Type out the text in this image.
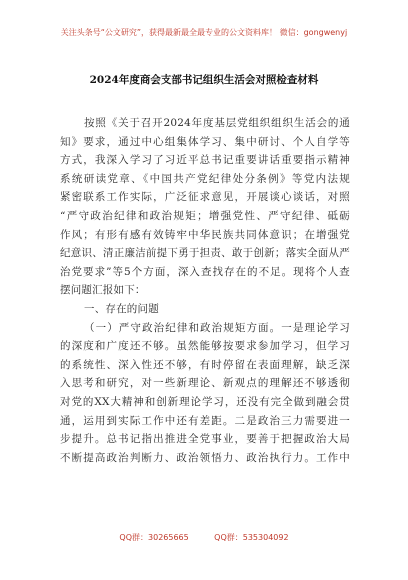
关注头条号“公文研究”，获得最新最全最专业的公文资料库！ 微信：gongwenyj
2024年度商会支部书记组织生活会对照检查材料
按照《关于召开2024年度基层党组织组织生活会的通
知》要求，通过中心组集体学习、集中研讨、个人自学等
方式，我深入学习了习近平总书记重要讲话重要指示精神
系统研读党章、《中国共产党纪律处分条例》等党内法规
紧密联系工作实际，广泛征求意见，开展谈心谈话，对照
“严守政治纪律和政治规矩；增强党性、严守纪律、砥砺
作风；有形有感有效铸牢中华民族共同体意识；在增强党
纪意识、清正廉洁前提下勇于担责、敢于创新；落实全面从严
治党要求”等5个方面，深入查找存在的不足。现将个人查
摆问题汇报如下：
一、存在的问题
（一）严守政治纪律和政治规矩方面。一是理论学习
的深度和广度还不够。虽然能够按要求参加学习，但学习
的系统性、深入性还不够，有时停留在表面理解，缺乏深
入思考和研究，对一些新理论、新观点的理解还不够透彻
对党的XX大精神和创新理论学习，还没有完全做到融会贯
通，运用到实际工作中还有差距。二是政治三力需要进一
步提升。总书记指出推进全党事业，要善于把握政治大局
不断提高政治判断力、政治领悟力、政治执行力。工作中
QQ群：30265665          QQ群：535304092
